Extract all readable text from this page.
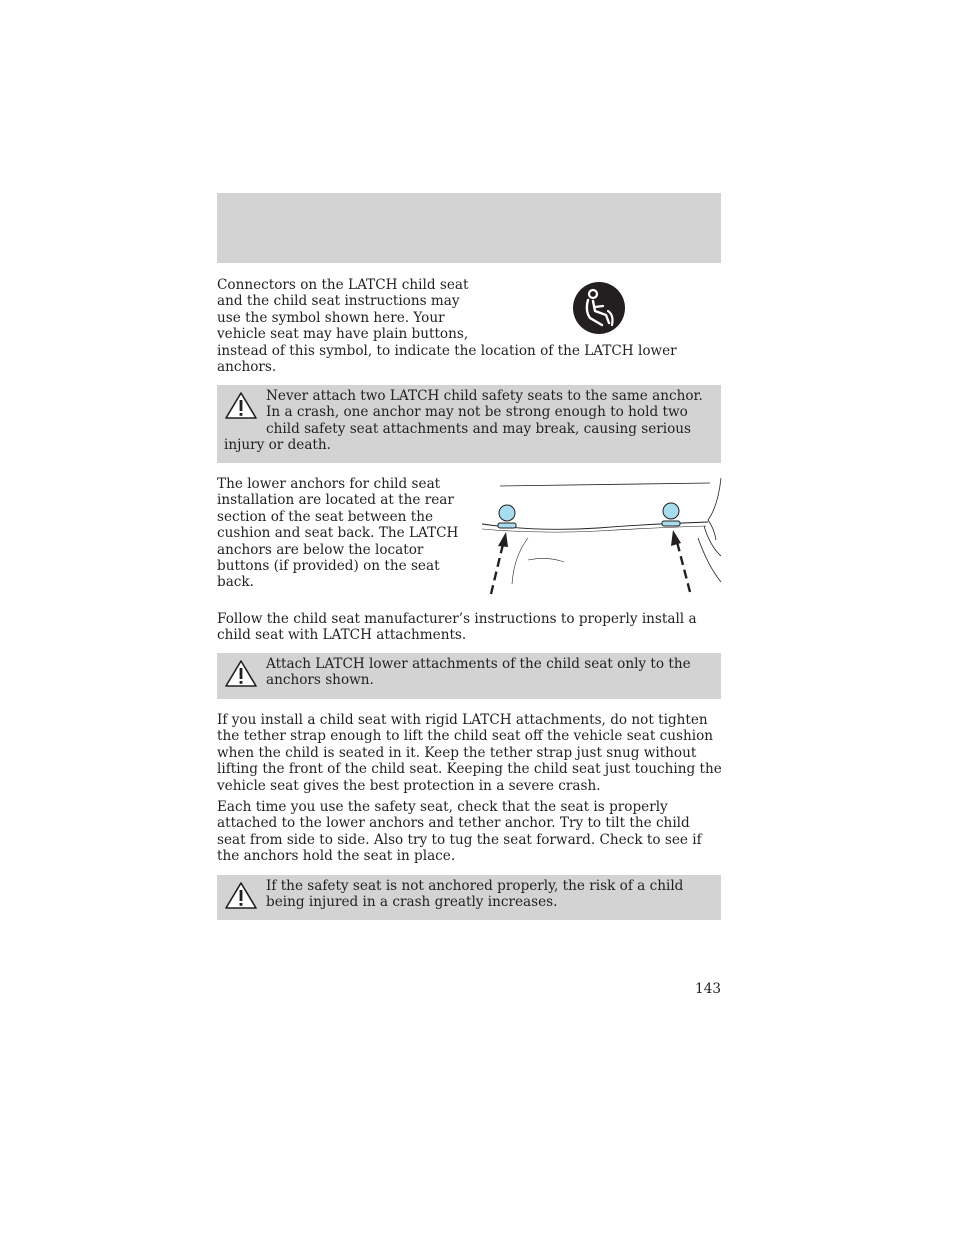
Connectors on the LATCH child seat
and the child seat instructions may
use the symbol shown here. Your
vehicle seat may have plain buttons,

instead of this symbol, to indicate the location of the LATCH lower anchors.

Never attach two LATCH child safety seats to the same anchor. In a crash, one anchor may not be strong enough to hold two child safety seat attachments and may break, causing serious injury or death.

The lower anchors for child seat installation are located at the rear section of the seat between the cushion and seat back. The LATCH anchors are below the locator buttons (if provided) on the seat back.

Follow the child seat manufacturer’s instructions to properly install a child seat with LATCH attachments.

Attach LATCH lower attachments of the child seat only to the anchors shown.

If you install a child seat with rigid LATCH attachments, do not tighten the tether strap enough to lift the child seat off the vehicle seat cushion when the child is seated in it. Keep the tether strap just snug without lifting the front of the child seat. Keeping the child seat just touching the vehicle seat gives the best protection in a severe crash.

Each time you use the safety seat, check that the seat is properly attached to the lower anchors and tether anchor. Try to tilt the child seat from side to side. Also try to tug the seat forward. Check to see if the anchors hold the seat in place.

If the safety seat is not anchored properly, the risk of a child being injured in a crash greatly increases.

143
